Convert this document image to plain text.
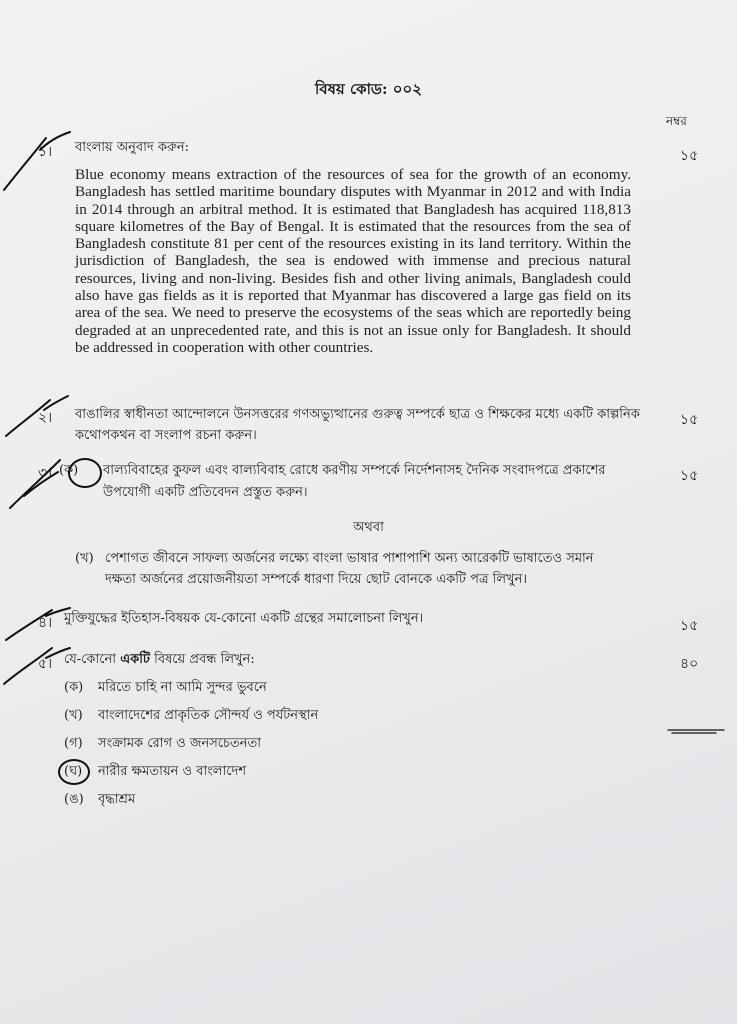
বিষয় কোড: ০০২
নম্বর
১। বাংলায় অনুবাদ করুন:
১৫
Blue economy means extraction of the resources of sea for the growth of an economy. Bangladesh has settled maritime boundary disputes with Myanmar in 2012 and with India in 2014 through an arbitral method. It is estimated that Bangladesh has acquired 118,813 square kilometres of the Bay of Bengal. It is estimated that the resources from the sea of Bangladesh constitute 81 per cent of the resources existing in its land territory. Within the jurisdiction of Bangladesh, the sea is endowed with immense and precious natural resources, living and non-living. Besides fish and other living animals, Bangladesh could also have gas fields as it is reported that Myanmar has discovered a large gas field on its area of the sea. We need to preserve the ecosystems of the seas which are reportedly being degraded at an unprecedented rate, and this is not an issue only for Bangladesh. It should be addressed in cooperation with other countries.
২। বাঙালির স্বাধীনতা আন্দোলনে উনসত্তরের গণঅভ্যুত্থানের গুরুত্ব সম্পর্কে ছাত্র ও শিক্ষকের মধ্যে একটি কাল্পনিক
কথোপকথন বা সংলাপ রচনা করুন।
১৫
৩। (ক) বাল্যবিবাহের কুফল এবং বাল্যবিবাহ রোধে করণীয় সম্পর্কে নির্দেশনাসহ দৈনিক সংবাদপত্রে প্রকাশের
উপযোগী একটি প্রতিবেদন প্রস্তুত করুন।
১৫
অথবা
(খ) পেশাগত জীবনে সাফল্য অর্জনের লক্ষ্যে বাংলা ভাষার পাশাপাশি অন্য আরেকটি ভাষাতেও সমান
দক্ষতা অর্জনের প্রয়োজনীয়তা সম্পর্কে ধারণা দিয়ে ছোট বোনকে একটি পত্র লিখুন।
৪। মুক্তিযুদ্ধের ইতিহাস-বিষয়ক যে-কোনো একটি গ্রন্থের সমালোচনা লিখুন।	১৫
৫। যে-কোনো একটি বিষয়ে প্রবন্ধ লিখুন:	৪০
(ক) মরিতে চাহি না আমি সুন্দর ভুবনে
(খ) বাংলাদেশের প্রাকৃতিক সৌন্দর্য ও পর্যটনস্থান
(গ) সংক্রামক রোগ ও জনসচেতনতা
(ঘ) নারীর ক্ষমতায়ন ও বাংলাদেশ
(ঙ) বৃদ্ধাশ্রম
